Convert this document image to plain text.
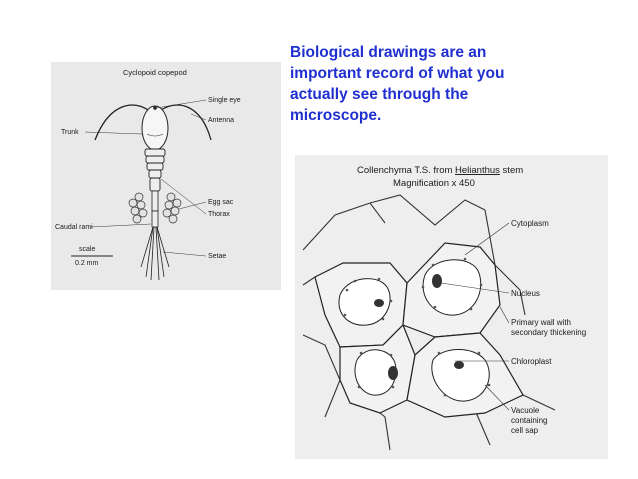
Biological drawings are an
important record of what you
actually see through the
microscope.
Cyclopoid copepod
Single eye
Antenna
Trunk
Egg sac
Thorax
Caudal rami
Setae
scale
0.2 mm
Collenchyma T.S. from Helianthus stem
Magnification x 450
Cytoplasm
Nucleus
Primary wall with
secondary thickening
Chloroplast
Vacuole
containing
cell sap
